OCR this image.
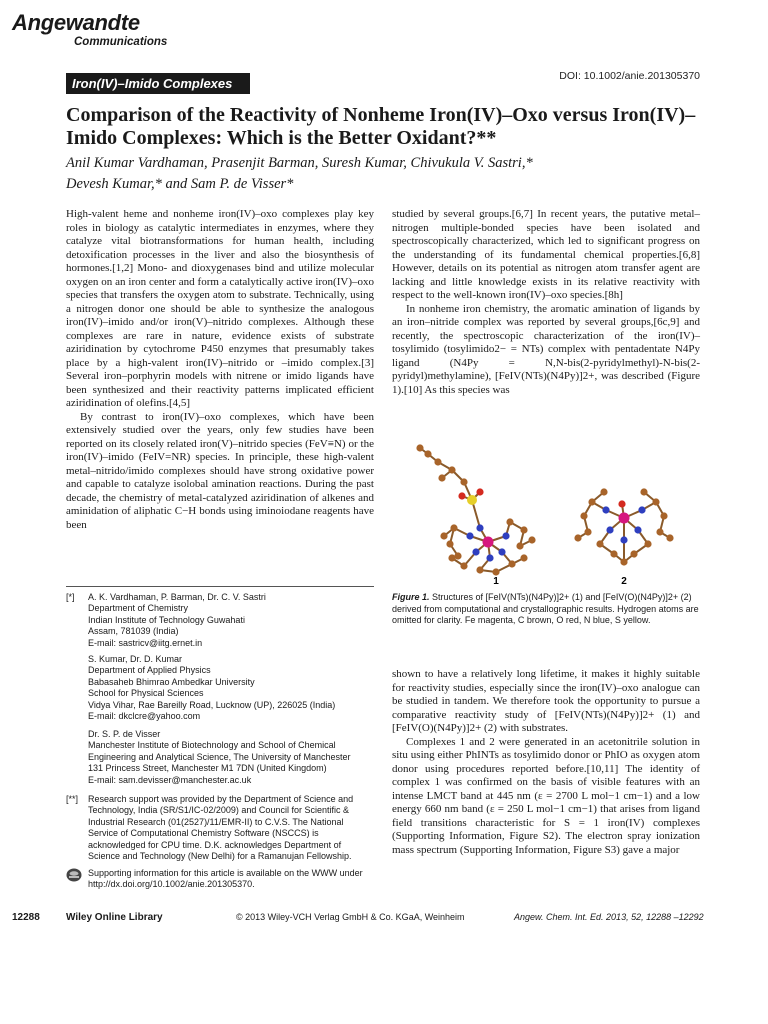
Angewandte
Communications
Iron(IV)–Imido Complexes	DOI: 10.1002/anie.201305370
Comparison of the Reactivity of Nonheme Iron(IV)–Oxo versus Iron(IV)–Imido Complexes: Which is the Better Oxidant?**
Anil Kumar Vardhaman, Prasenjit Barman, Suresh Kumar, Chivukula V. Sastri,*
Devesh Kumar,* and Sam P. de Visser*

High-valent heme and nonheme iron(IV)–oxo complexes play key roles in biology as catalytic intermediates in enzymes, where they catalyze vital biotransformations for human health, including detoxification processes in the liver and also the biosynthesis of hormones.[1,2] Mono- and dioxygenases bind and utilize molecular oxygen on an iron center and form a catalytically active iron(IV)–oxo species that transfers the oxygen atom to substrate. Technically, using a nitrogen donor one should be able to synthesize the analogous iron(IV)–imido and/or iron(V)–nitrido complexes. Although these complexes are rare in nature, evidence exists of substrate aziridination by cytochrome P450 enzymes that presumably takes place by a high-valent iron(IV)–nitrido or –imido complex.[3] Several iron–porphyrin models with nitrene or imido ligands have been synthesized and their reactivity patterns implicated efficient aziridination of olefins.[4,5]

By contrast to iron(IV)–oxo complexes, which have been extensively studied over the years, only few studies have been reported on its closely related iron(V)–nitrido species (FeV≡N) or the iron(IV)–imido (FeIV=NR) species. In principle, these high-valent metal–nitrido/imido complexes should have strong oxidative power and capable to catalyze isolobal amination reactions. During the past decade, the chemistry of metal-catalyzed aziridination of alkenes and aminidation of aliphatic C−H bonds using iminoiodane reagents have been

studied by several groups.[6,7] In recent years, the putative metal–nitrogen multiple-bonded species have been isolated and spectroscopically characterized, which led to significant progress on the understanding of its fundamental chemical properties.[6,8] However, details on its potential as nitrogen atom transfer agent are lacking and little knowledge exists in its relative reactivity with respect to the well-known iron(IV)–oxo species.[8h]

In nonheme iron chemistry, the aromatic amination of ligands by an iron–nitride complex was reported by several groups,[6c,9] and recently, the spectroscopic characterization of the iron(IV)–tosylimido (tosylimido2− = NTs) complex with pentadentate N4Py ligand (N4Py = N,N-bis(2-pyridylmethyl)-N-bis(2-pyridyl)methylamine), [FeIV(NTs)(N4Py)]2+, was described (Figure 1).[10] As this species was

1	2
Figure 1. Structures of [FeIV(NTs)(N4Py)]2+ (1) and [FeIV(O)(N4Py)]2+ (2) derived from computational and crystallographic results. Hydrogen atoms are omitted for clarity. Fe magenta, C brown, O red, N blue, S yellow.

shown to have a relatively long lifetime, it makes it highly suitable for reactivity studies, especially since the iron(IV)–oxo analogue can be studied in tandem. We therefore took the opportunity to pursue a comparative reactivity study of [FeIV(NTs)(N4Py)]2+ (1) and [FeIV(O)(N4Py)]2+ (2) with substrates.

Complexes 1 and 2 were generated in an acetonitrile solution in situ using either PhINTs as tosylimido donor or PhIO as oxygen atom donor using procedures reported before.[10,11] The identity of complex 1 was confirmed on the basis of visible features with an intense LMCT band at 445 nm (ε = 2700 L mol−1 cm−1) and a low energy 660 nm band (ε = 250 L mol−1 cm−1) that arises from ligand field transitions characteristic for S = 1 iron(IV) complexes (Supporting Information, Figure S2). The electron spray ionization mass spectrum (Supporting Information, Figure S3) gave a major

[*] A. K. Vardhaman, P. Barman, Dr. C. V. Sastri
Department of Chemistry
Indian Institute of Technology Guwahati
Assam, 781039 (India)
E-mail: sastricv@iitg.ernet.in
S. Kumar, Dr. D. Kumar
Department of Applied Physics
Babasaheb Bhimrao Ambedkar University
School for Physical Sciences
Vidya Vihar, Rae Bareilly Road, Lucknow (UP), 226025 (India)
E-mail: dkclcre@yahoo.com
Dr. S. P. de Visser
Manchester Institute of Biotechnology and School of Chemical
Engineering and Analytical Science, The University of Manchester
131 Princess Street, Manchester M1 7DN (United Kingdom)
E-mail: sam.devisser@manchester.ac.uk
[**] Research support was provided by the Department of Science and Technology, India (SR/S1/IC-02/2009) and Council for Scientific & Industrial Research (01(2527)/11/EMR-II) to C.V.S. The National Service of Computational Chemistry Software (NSCCS) is acknowledged for CPU time. D.K. acknowledges Department of Science and Technology (New Delhi) for a Ramanujan Fellowship.
Supporting information for this article is available on the WWW under http://dx.doi.org/10.1002/anie.201305370.
12288	Wiley Online Library	© 2013 Wiley-VCH Verlag GmbH & Co. KGaA, Weinheim	Angew. Chem. Int. Ed. 2013, 52, 12288 –12292
